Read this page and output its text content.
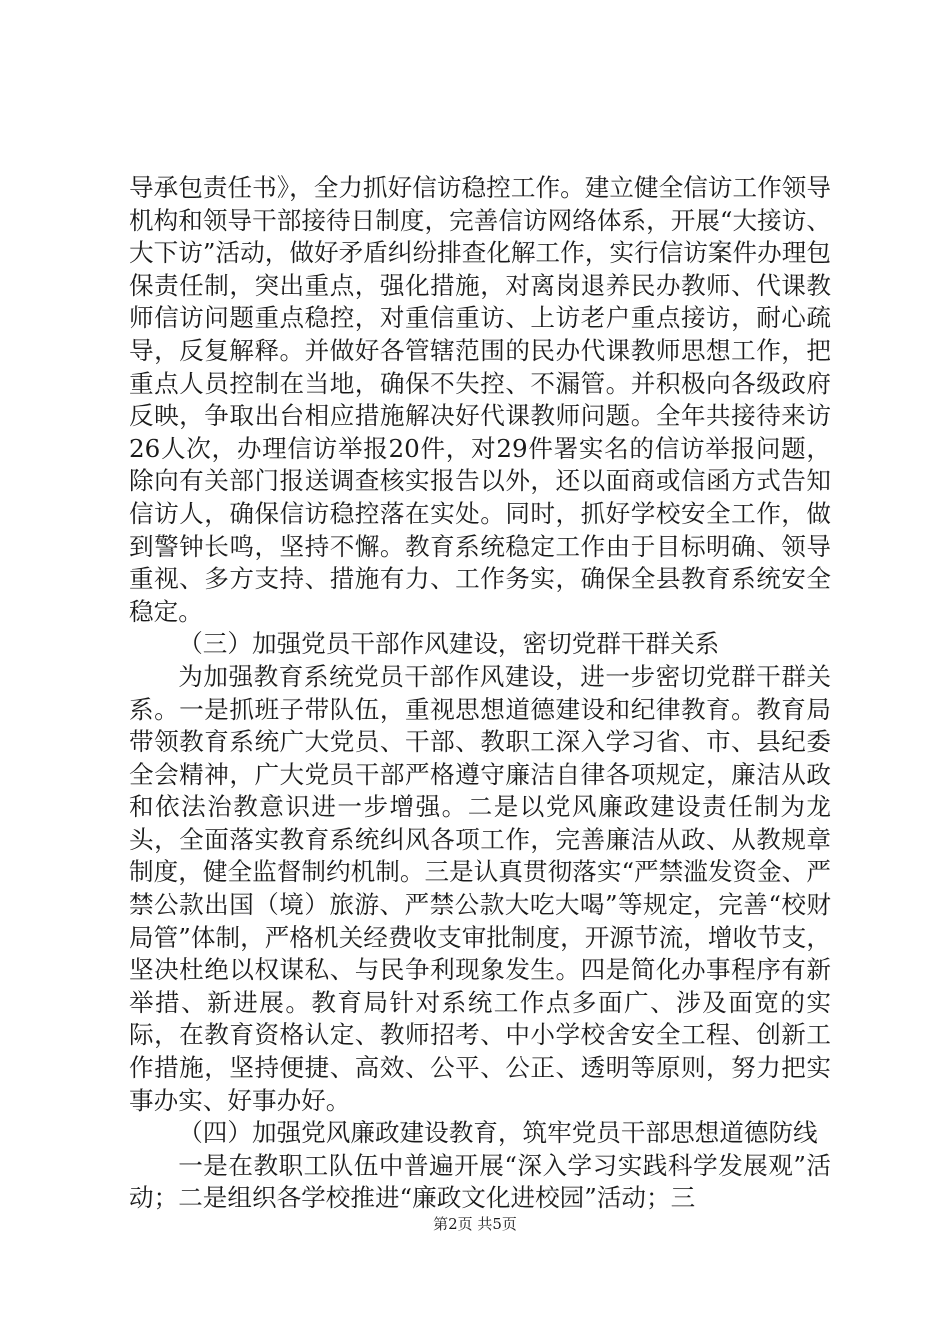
导承包责任书》，全力抓好信访稳控工作。建立健全信访工作领导机构和领导干部接待日制度，完善信访网络体系，开展“大接访、大下访”活动，做好矛盾纠纷排查化解工作，实行信访案件办理包保责任制，突出重点，强化措施，对离岗退养民办教师、代课教师信访问题重点稳控，对重信重访、上访老户重点接访，耐心疏导，反复解释。并做好各管辖范围的民办代课教师思想工作，把重点人员控制在当地，确保不失控、不漏管。并积极向各级政府反映，争取出台相应措施解决好代课教师问题。全年共接待来访26人次，办理信访举报20件，对29件署实名的信访举报问题，除向有关部门报送调查核实报告以外，还以面商或信函方式告知信访人，确保信访稳控落在实处。同时，抓好学校安全工作，做到警钟长鸣，坚持不懈。教育系统稳定工作由于目标明确、领导重视、多方支持、措施有力、工作务实，确保全县教育系统安全稳定。

（三）加强党员干部作风建设，密切党群干群关系

为加强教育系统党员干部作风建设，进一步密切党群干群关系。一是抓班子带队伍，重视思想道德建设和纪律教育。教育局带领教育系统广大党员、干部、教职工深入学习省、市、县纪委全会精神，广大党员干部严格遵守廉洁自律各项规定，廉洁从政和依法治教意识进一步增强。二是以党风廉政建设责任制为龙头，全面落实教育系统纠风各项工作，完善廉洁从政、从教规章制度，健全监督制约机制。三是认真贯彻落实“严禁滥发资金、严禁公款出国（境）旅游、严禁公款大吃大喝”等规定，完善“校财局管”体制，严格机关经费收支审批制度，开源节流，增收节支，坚决杜绝以权谋私、与民争利现象发生。四是简化办事程序有新举措、新进展。教育局针对系统工作点多面广、涉及面宽的实际，在教育资格认定、教师招考、中小学校舍安全工程、创新工作措施，坚持便捷、高效、公平、公正、透明等原则，努力把实事办实、好事办好。

（四）加强党风廉政建设教育，筑牢党员干部思想道德防线

一是在教职工队伍中普遍开展“深入学习实践科学发展观”活动；二是组织各学校推进“廉政文化进校园”活动；三

第2页 共5页
